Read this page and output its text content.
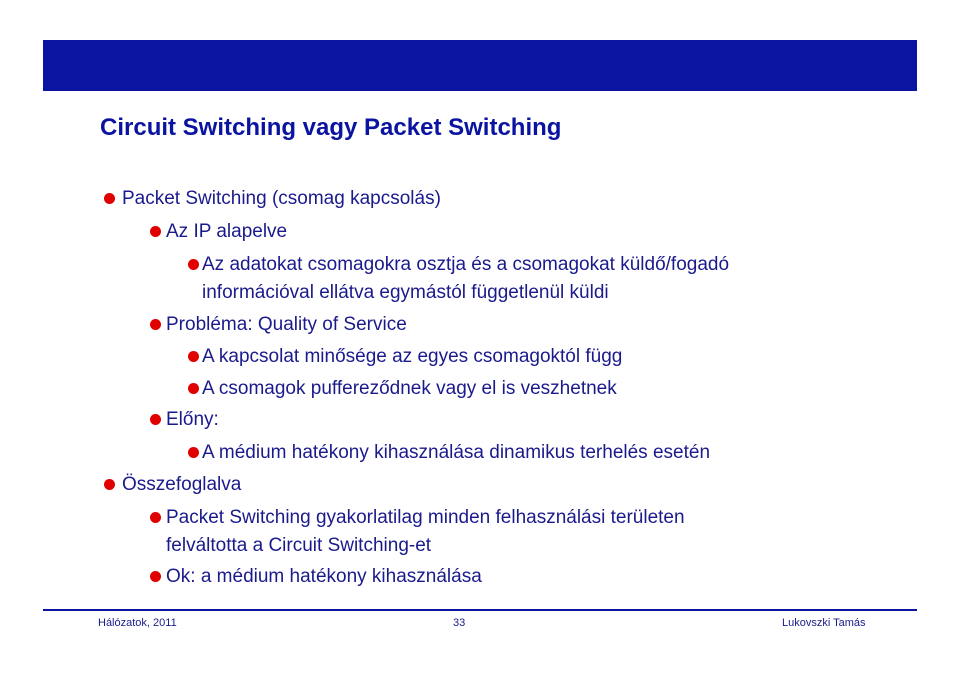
Circuit Switching vagy Packet Switching
Packet Switching (csomag kapcsolás)
Az IP alapelve
Az adatokat csomagokra osztja és a csomagokat küldő/fogadó
információval ellátva egymástól függetlenül küldi
Probléma: Quality of Service
A kapcsolat minősége az egyes csomagoktól függ
A csomagok puffereződnek vagy el is veszhetnek
Előny:
A médium hatékony kihasználása dinamikus terhelés esetén
Összefoglalva
Packet Switching gyakorlatilag minden felhasználási területen
felváltotta a Circuit Switching-et
Ok: a médium hatékony kihasználása
Hálózatok, 2011	33	Lukovszki Tamás
